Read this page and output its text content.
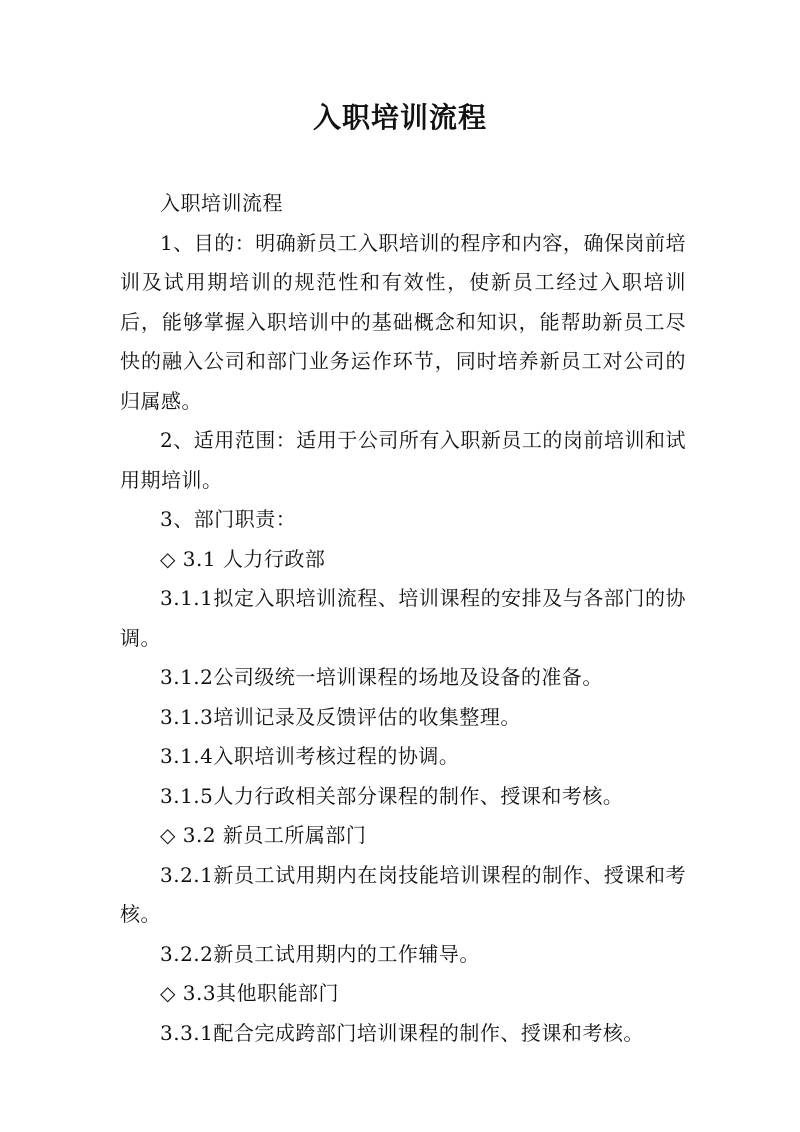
入职培训流程

入职培训流程

1、目的：明确新员工入职培训的程序和内容，确保岗前培训及试用期培训的规范性和有效性，使新员工经过入职培训后，能够掌握入职培训中的基础概念和知识，能帮助新员工尽快的融入公司和部门业务运作环节，同时培养新员工对公司的归属感。

2、适用范围：适用于公司所有入职新员工的岗前培训和试用期培训。

3、部门职责：

◇ 3.1 人力行政部

3.1.1拟定入职培训流程、培训课程的安排及与各部门的协调。

3.1.2公司级统一培训课程的场地及设备的准备。

3.1.3培训记录及反馈评估的收集整理。

3.1.4入职培训考核过程的协调。

3.1.5人力行政相关部分课程的制作、授课和考核。

◇ 3.2 新员工所属部门

3.2.1新员工试用期内在岗技能培训课程的制作、授课和考核。

3.2.2新员工试用期内的工作辅导。

◇ 3.3其他职能部门

3.3.1配合完成跨部门培训课程的制作、授课和考核。
